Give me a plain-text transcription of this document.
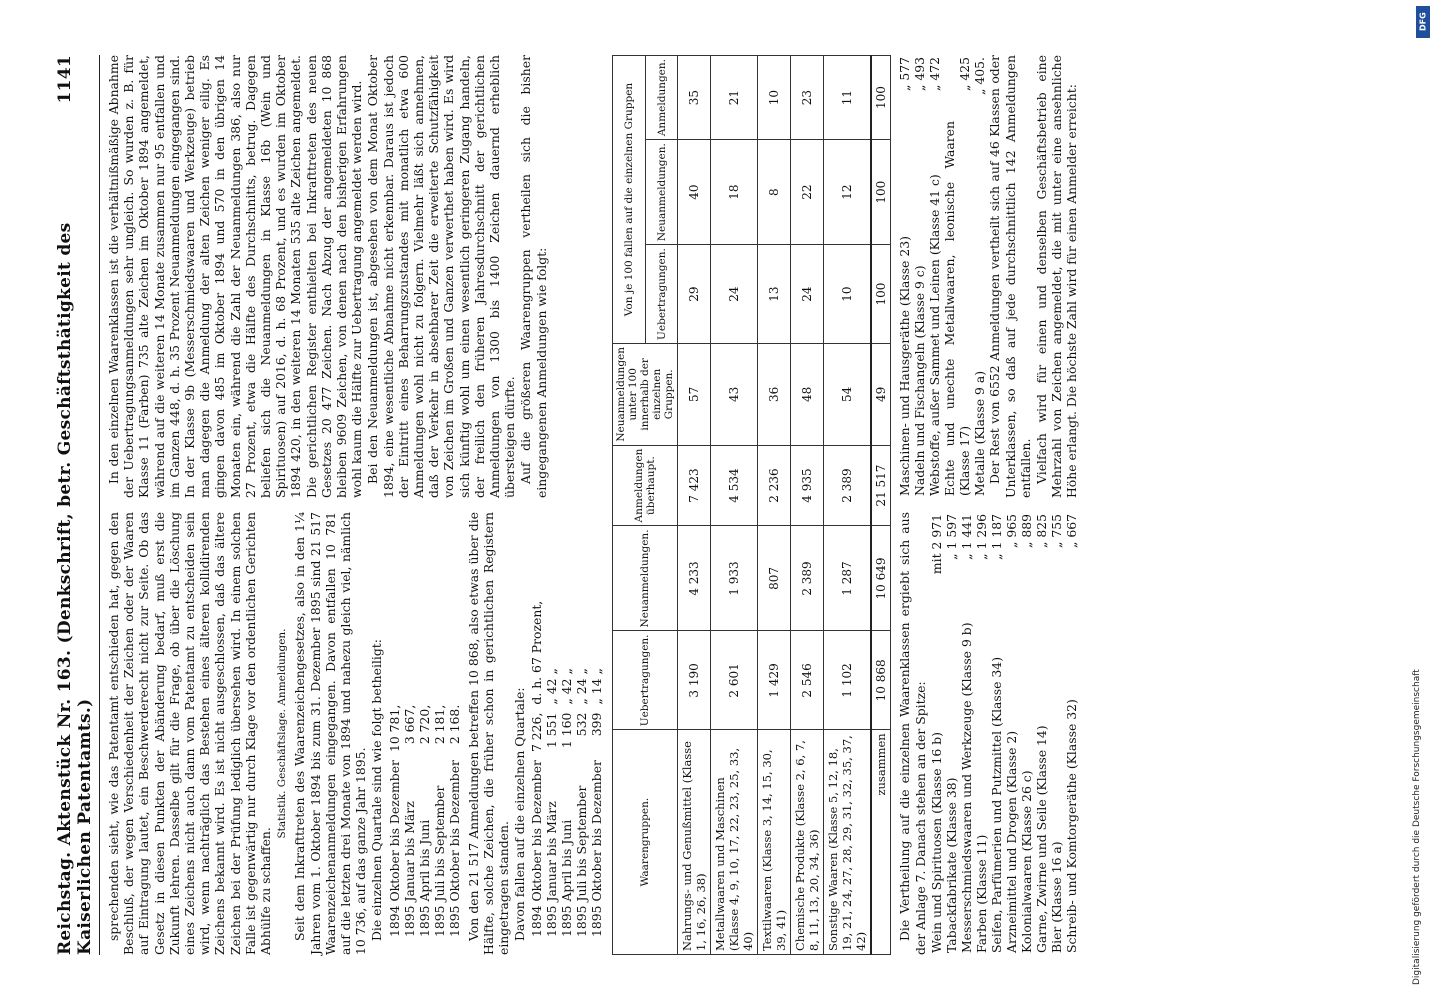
Reichstag. Aktenstück Nr. 163. (Denkschrift, betr. Geschäftsthätigkeit des Kaiserlichen Patentamts.)
1141

sprechenden sieht, wie das Patentamt entschieden hat, gegen den Beschluß, der wegen Verschiedenheit der Zeichen oder der Waaren auf Eintragung lautet, ein Beschwerderecht nicht zur Seite. Ob das Gesetz in diesen Punkten der Abänderung bedarf, muß erst die Zukunft lehren. Dasselbe gilt für die Frage, ob über die Löschung eines Zeichens nicht auch dann vom Patentamt zu entscheiden sein wird, wenn nachträglich das Bestehen eines älteren kollidirenden Zeichens bekannt wird. Es ist nicht ausgeschlossen, daß das ältere Zeichen bei der Prüfung lediglich übersehen wird. In einem solchen Falle ist gegenwärtig nur durch Klage vor den ordentlichen Gerichten Abhülfe zu schaffen.

Statistik. Geschäftslage. Anmeldungen. Seit dem Inkrafttreten des Waarenzeichengesetzes, also in den 1¼ Jahren vom 1. Oktober 1894 bis zum 31. Dezember 1895 sind 21 517 Waarenzeichenanmeldungen eingegangen. Davon entfallen 10 781 auf die letzten drei Monate von 1894 und nahezu gleich viel, nämlich 10 736, auf das ganze Jahr 1895. Die einzelnen Quartale sind wie folgt betheiligt: 1894 Oktober bis Dezember	10 781,
1895 Januar bis März	3 667,
1895 April bis Juni	2 720,
1895 Juli bis September	2 181,
1895 Oktober bis Dezember	2 168. Von den 21 517 Anmeldungen betreffen 10 868, also etwas über die Hälfte, solche Zeichen, die früher schon in gerichtlichen Registern eingetragen standen. Davon fallen auf die einzelnen Quartale: 1894 Oktober bis Dezember	7 226,	d. h. 67 Prozent,
1895 Januar bis März	1 551	„ 42 „
1895 April bis Juni	1 160	„ 42 „
1895 Juli bis September	532	„ 24 „
1895 Oktober bis Dezember	399	„ 14 „

In den einzelnen Waarenklassen ist die verhältnißmäßige Abnahme der Uebertragungsanmeldungen sehr ungleich. So wurden z. B. für Klasse 11 (Farben) 735 alte Zeichen im Oktober 1894 angemeldet, während auf die weiteren 14 Monate zusammen nur 95 entfallen und im Ganzen 448, d. h. 35 Prozent Neuanmeldungen eingegangen sind. In der Klasse 9b (Messerschmiedswaaren und Werkzeuge) betrieb man dagegen die Anmeldung der alten Zeichen weniger eilig. Es gingen davon 485 im Oktober 1894 und 570 in den übrigen 14 Monaten ein, während die Zahl der Neuanmeldungen 386, also nur 27 Prozent, etwa die Hälfte des Durchschnitts, betrug. Dagegen beliefen sich die Neuanmeldungen in Klasse 16b (Wein und Spirituosen) auf 2016, d. h. 68 Prozent, und es wurden im Oktober 1894 420, in den weiteren 14 Monaten 535 alte Zeichen angemeldet. Die gerichtlichen Register enthielten bei Inkrafttreten des neuen Gesetzes 20 477 Zeichen. Nach Abzug der angemeldeten 10 868 bleiben 9609 Zeichen, von denen nach den bisherigen Erfahrungen wohl kaum die Hälfte zur Uebertragung angemeldet werden wird. Bei den Neuanmeldungen ist, abgesehen von dem Monat Oktober 1894, eine wesentliche Abnahme nicht erkennbar. Daraus ist jedoch der Eintritt eines Beharrungszustandes mit monatlich etwa 600 Anmeldungen wohl nicht zu folgern. Vielmehr läßt sich annehmen, daß der Verkehr in absehbarer Zeit die erweiterte Schutzfähigkeit von Zeichen im Großen und Ganzen verwerthet haben wird. Es wird sich künftig wohl um einen wesentlich geringeren Zugang handeln, der freilich den früheren Jahresdurchschnitt der gerichtlichen Anmeldungen von 1300 bis 1400 Zeichen dauernd erheblich übersteigen dürfte. Auf die größeren Waarengruppen vertheilen sich die bisher eingegangenen Anmeldungen wie folgt:

Waarengruppen.	Uebertragungen.	Neuanmeldungen.	Anmeldungen überhaupt.	Neuanmeldungen unter 100 innerhalb der einzelnen Gruppen.	Von je 100 fallen auf die einzelnen Gruppen		
					Uebertragungen.	Neuanmeldungen.	Anmeldungen.
Nahrungs- und Genußmittel (Klasse 1, 16, 26, 38)	3 190	4 233	7 423	57	29	40	35
Metallwaaren und Maschinen (Klasse 4, 9, 10, 17, 22, 23, 25, 33, 40)	2 601	1 933	4 534	43	24	18	21
Textilwaaren (Klasse 3, 14, 15, 30, 39, 41)	1 429	807	2 236	36	13	8	10
Chemische Produkte (Klasse 2, 6, 7, 8, 11, 13, 20, 34, 36)	2 546	2 389	4 935	48	24	22	23
Sonstige Waaren (Klasse 5, 12, 18, 19, 21, 24, 27, 28, 29, 31, 32, 35, 37, 42)	1 102	1 287	2 389	54	10	12	11
zusammen	10 868	10 649	21 517	49	100	100	100

Die Vertheilung auf die einzelnen Waarenklassen ergiebt sich aus der Anlage 7. Danach stehen an der Spitze: Wein und Spirituosen (Klasse 16 b)	mit 2 971
Tabackfabrikate (Klasse 38)	„ 1 597
Messerschmiedswaaren und Werkzeuge (Klasse 9 b)	„ 1 441
Farben (Klasse 11)	„ 1 296
Seifen, Parfümerien und Putzmittel (Klasse 34)	„ 1 187
Arzneimittel und Drogen (Klasse 2)	„ 965
Kolonialwaaren (Klasse 26 c)	„ 889
Garne, Zwirne und Seile (Klasse 14)	„ 825
Bier (Klasse 16 a)	„ 755
Schreib- und Komtorgeräthe (Klasse 32)	„ 667
Maschinen- und Hausgeräthe (Klasse 23)	„ 577
Nadeln und Fischangeln (Klasse 9 c)	„ 493
Webstoffe, außer Sammet und Leinen (Klasse 41 c)	„ 472
Echte und unechte Metallwaaren, leonische Waaren (Klasse 17)	„ 425
Metalle (Klasse 9 a)	„ 405. Der Rest von 6552 Anmeldungen vertheilt sich auf 46 Klassen oder Unterklassen, so daß auf jede durchschnittlich 142 Anmeldungen entfallen. Vielfach wird für einen und denselben Geschäftsbetrieb eine Mehrzahl von Zeichen angemeldet, die mit unter eine ansehnliche Höhe erlangt. Die höchste Zahl wird für einen Anmelder erreicht:

Digitalisierung gefördert durch die Deutsche Forschungsgemeinschaft
DFG
